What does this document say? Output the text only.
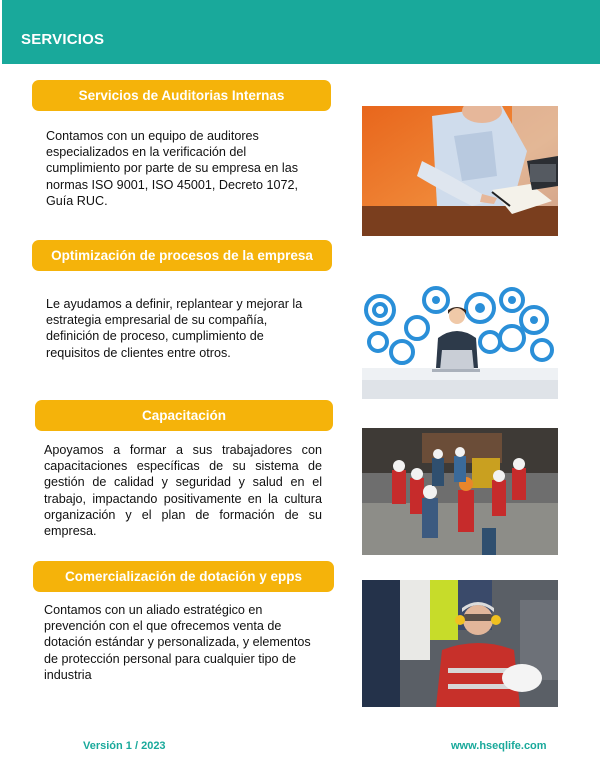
SERVICIOS
Servicios de Auditorias Internas
Contamos con un equipo de auditores especializados en la verificación del cumplimiento por parte de su empresa en las normas ISO 9001, ISO 45001, Decreto 1072, Guía RUC.
Optimización de procesos de la empresa
Le ayudamos a definir, replantear y mejorar la estrategia empresarial de su compañía, definición de proceso, cumplimiento de requisitos de clientes entre otros.
Capacitación
Apoyamos a formar a sus trabajadores con capacitaciones específicas de su sistema de gestión de calidad y seguridad y salud en el trabajo, impactando positivamente en la cultura organización y el plan de formación de su empresa.
Comercialización de dotación y epps
Contamos con un aliado estratégico en prevención con el que ofrecemos venta de dotación estándar y personalizada, y elementos de protección personal para cualquier tipo de industria
Versión 1 / 2023	www.hseqlife.com
